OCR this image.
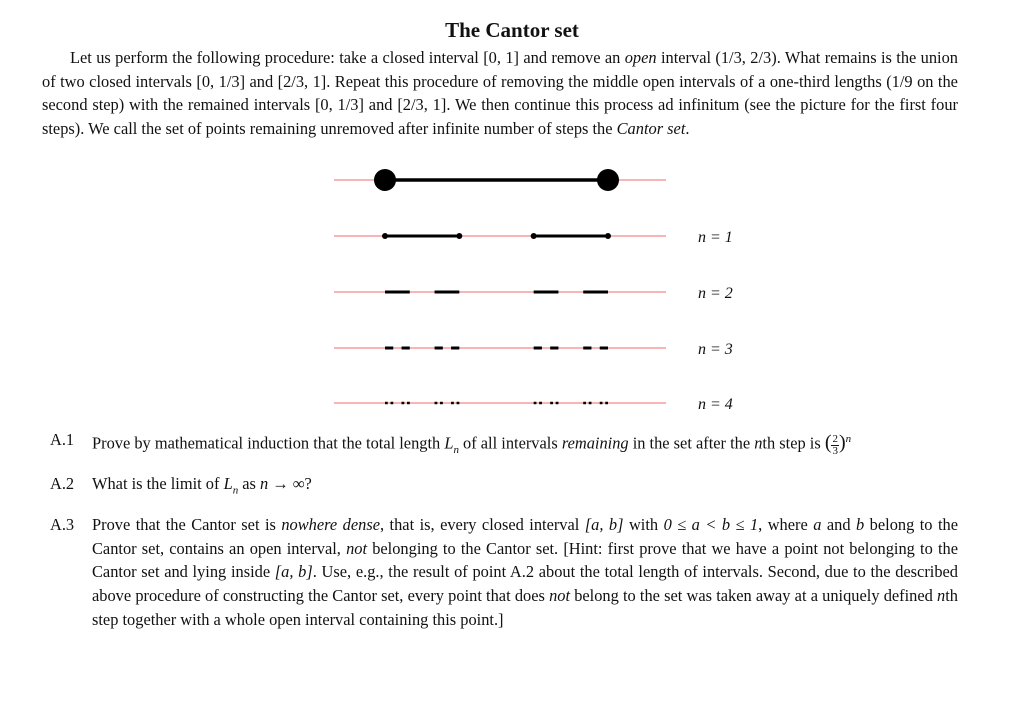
The Cantor set

Let us perform the following procedure: take a closed interval [0, 1] and remove an open interval (1/3, 2/3). What remains is the union of two closed intervals [0, 1/3] and [2/3, 1]. Repeat this procedure of removing the middle open intervals of a one-third lengths (1/9 on the second step) with the remained intervals [0, 1/3] and [2/3, 1]. We then continue this process ad infinitum (see the picture for the first four steps). We call the set of points remaining unremoved after infinite number of steps the Cantor set.

n = 1
n = 2
n = 3
n = 4
A.1	Prove by mathematical induction that the total length $L_n$ of all intervals remaining in the set after the nth step is ( $\frac{2}{3} )^n$
A.2	What is the limit of $L_n$ as n → ∞?
A.3	Prove that the Cantor set is nowhere dense, that is, every closed interval [a, b] with 0 ≤ a < b ≤ 1, where a and b belong to the Cantor set, contains an open interval, not belonging to the Cantor set. [Hint: first prove that we have a point not belonging to the Cantor set and lying inside [a, b]. Use, e.g., the result of point A.2 about the total length of intervals. Second, due to the described above procedure of constructing the Cantor set, every point that does not belong to the set was taken away at a uniquely defined nth step together with a whole open interval containing this point.]
